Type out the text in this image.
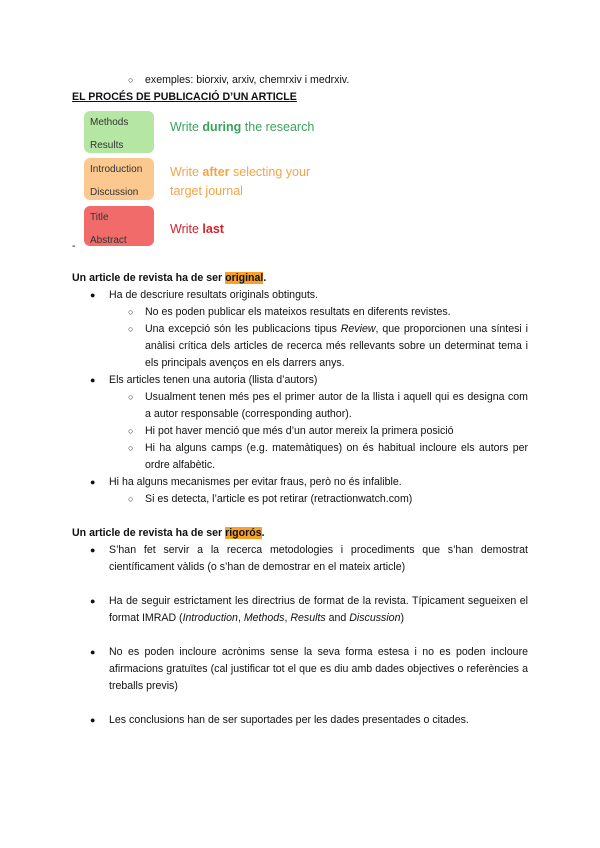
○ exemples: biorxiv, arxiv, chemrxiv i medrxiv.
EL PROCÉS DE PUBLICACIÓ D’UN ARTICLE
Methods
Results
Introduction
Discussion
Title
Abstract
Write during the research
Write after selecting your
target journal
Write last
-
Un article de revista ha de ser original.
● Ha de descriure resultats originals obtinguts.
○ No es poden publicar els mateixos resultats en diferents revistes.
○ Una excepció són les publicacions tipus Review, que proporcionen una síntesi i anàlisi crítica dels articles de recerca més rellevants sobre un determinat tema i els principals avenços en els darrers anys.
● Els articles tenen una autoria (llista d’autors)
○ Usualment tenen més pes el primer autor de la llista i aquell qui es designa com a autor responsable (corresponding author).
○ Hi pot haver menció que més d’un autor mereix la primera posició
○ Hi ha alguns camps (e.g. matemàtiques) on és habitual incloure els autors per ordre alfabètic.
● Hi ha alguns mecanismes per evitar fraus, però no és infalible.
○ Si es detecta, l’article es pot retirar (retractionwatch.com)
Un article de revista ha de ser rigorós.
● S’han fet servir a la recerca metodologies i procediments que s’han demostrat científicament vàlids (o s’han de demostrar en el mateix article)
● Ha de seguir estrictament les directrius de format de la revista. Típicament segueixen el format IMRAD (Introduction, Methods, Results and Discussion)
● No es poden incloure acrònims sense la seva forma estesa i no es poden incloure afirmacions gratuïtes (cal justificar tot el que es diu amb dades objectives o referències a treballs previs)
● Les conclusions han de ser suportades per les dades presentades o citades.
